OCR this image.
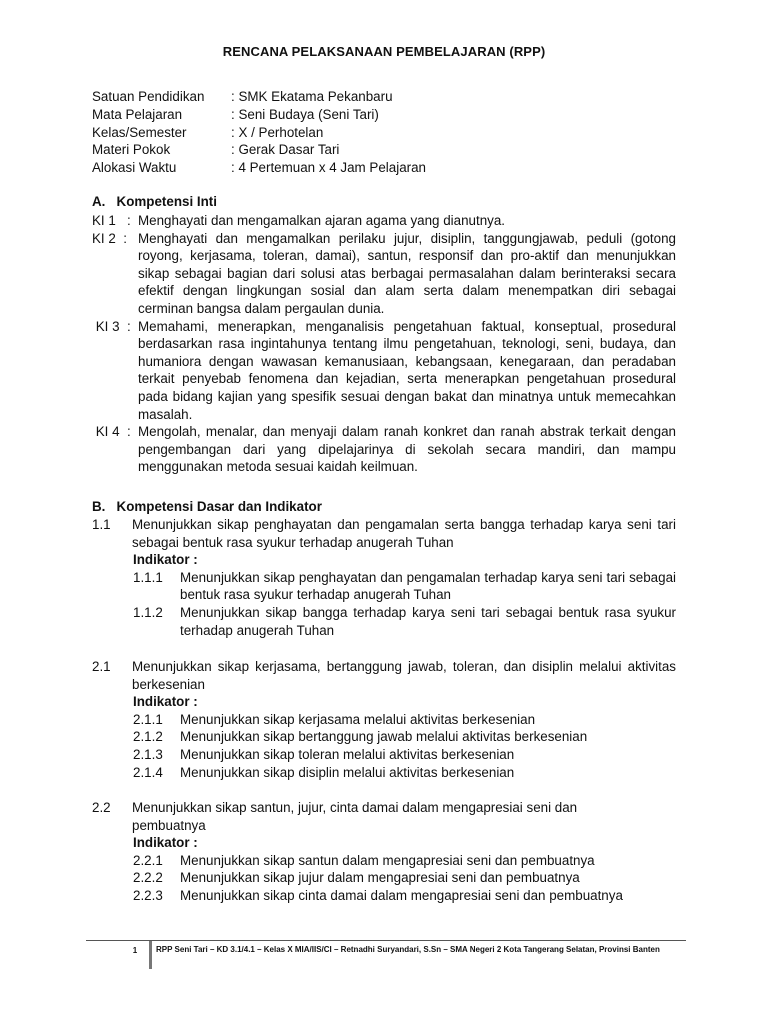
RENCANA PELAKSANAAN PEMBELAJARAN (RPP)
Satuan Pendidikan : SMK Ekatama Pekanbaru
Mata Pelajaran	: Seni Budaya (Seni Tari)
Kelas/Semester	: X / Perhotelan
Materi Pokok	: Gerak Dasar Tari
Alokasi Waktu	: 4 Pertemuan x 4 Jam Pelajaran
A.   Kompetensi Inti
KI 1   : Menghayati dan mengamalkan ajaran agama yang dianutnya.
KI 2  : Menghayati dan mengamalkan perilaku jujur, disiplin, tanggungjawab, peduli (gotong royong, kerjasama, toleran, damai), santun, responsif dan pro-aktif dan menunjukkan sikap sebagai bagian dari solusi atas berbagai permasalahan dalam berinteraksi secara efektif dengan lingkungan sosial dan alam serta dalam menempatkan diri sebagai cerminan bangsa dalam pergaulan dunia.
KI 3  : Memahami, menerapkan, menganalisis pengetahuan faktual, konseptual, prosedural berdasarkan rasa ingintahunya tentang ilmu pengetahuan, teknologi, seni, budaya, dan humaniora dengan wawasan kemanusiaan, kebangsaan, kenegaraan, dan peradaban terkait penyebab fenomena dan kejadian, serta menerapkan pengetahuan prosedural pada bidang kajian yang spesifik sesuai dengan bakat dan minatnya untuk memecahkan masalah.
KI 4  : Mengolah, menalar, dan menyaji dalam ranah konkret dan ranah abstrak terkait dengan pengembangan dari yang dipelajarinya di sekolah secara mandiri, dan mampu menggunakan metoda sesuai kaidah keilmuan.
B.   Kompetensi Dasar dan Indikator
1.1	Menunjukkan sikap penghayatan dan pengamalan serta bangga terhadap karya seni tari sebagai bentuk rasa syukur terhadap anugerah Tuhan
Indikator :
1.1.1	Menunjukkan sikap penghayatan dan pengamalan terhadap karya seni tari sebagai bentuk rasa syukur terhadap anugerah Tuhan
1.1.2	Menunjukkan sikap bangga terhadap karya seni tari sebagai bentuk rasa syukur terhadap anugerah Tuhan
2.1	Menunjukkan sikap kerjasama, bertanggung jawab, toleran, dan disiplin melalui aktivitas berkesenian
Indikator :
2.1.1	Menunjukkan sikap kerjasama melalui aktivitas berkesenian
2.1.2	Menunjukkan sikap bertanggung jawab melalui aktivitas berkesenian
2.1.3	Menunjukkan sikap toleran melalui aktivitas berkesenian
2.1.4	Menunjukkan sikap disiplin melalui aktivitas berkesenian
2.2	Menunjukkan sikap santun, jujur, cinta damai dalam mengapresiai seni dan pembuatnya
Indikator :
2.2.1	Menunjukkan sikap santun dalam mengapresiai seni dan pembuatnya
2.2.2	Menunjukkan sikap jujur dalam mengapresiai seni dan pembuatnya
2.2.3	Menunjukkan sikap cinta damai dalam mengapresiai seni dan pembuatnya
1	RPP Seni Tari – KD 3.1/4.1 – Kelas X MIA/IIS/CI – Retnadhi Suryandari, S.Sn – SMA Negeri 2 Kota Tangerang Selatan, Provinsi Banten
